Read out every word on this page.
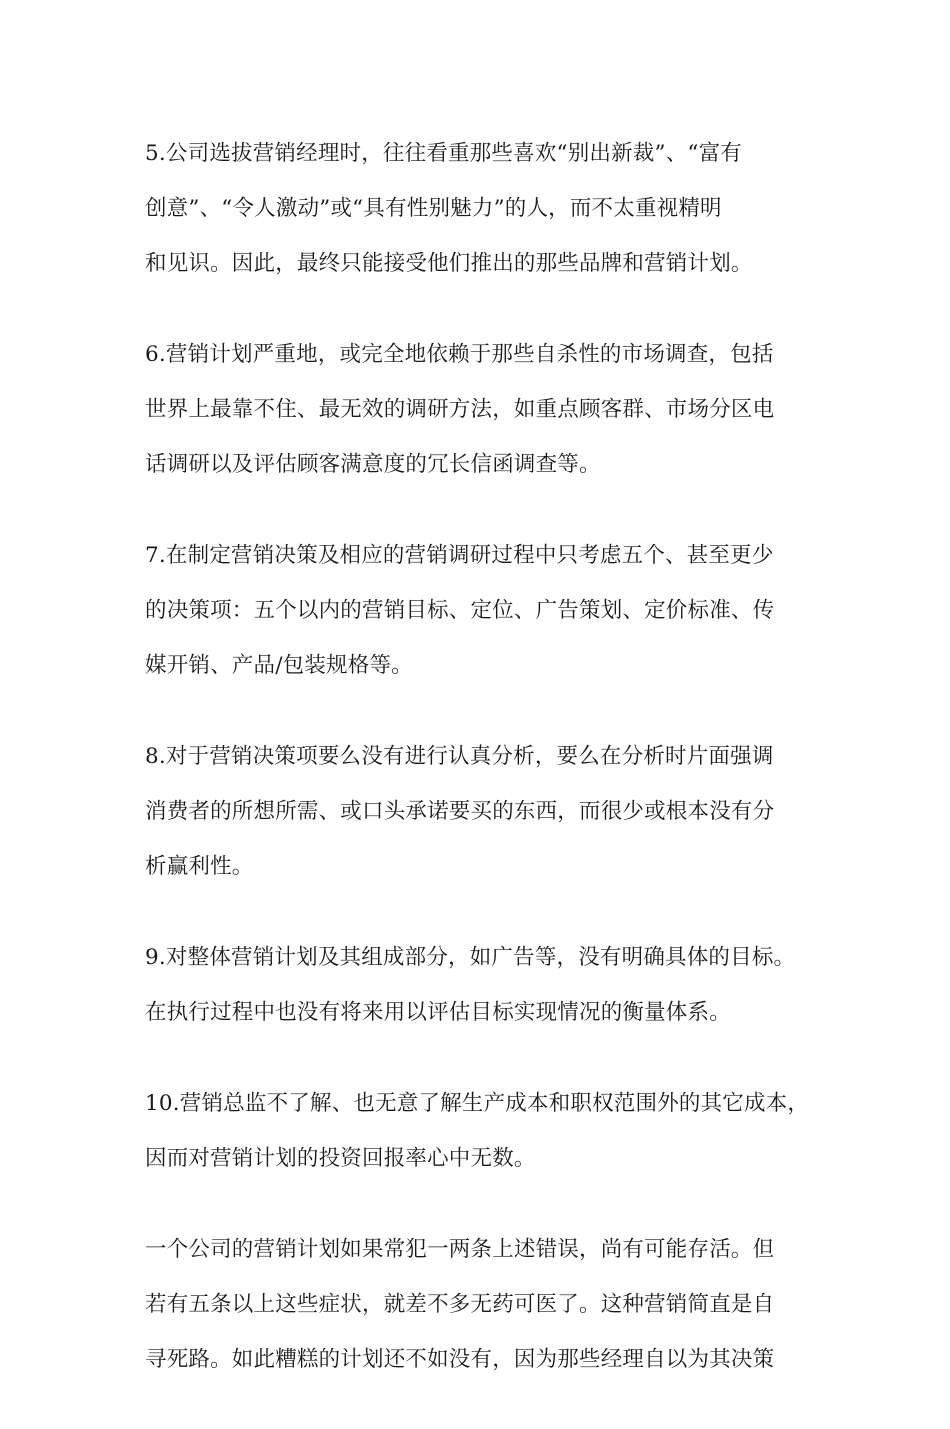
5.公司选拔营销经理时，往往看重那些喜欢“别出新裁”、“富有
创意”、“令人激动”或“具有性别魅力”的人，而不太重视精明
和见识。因此，最终只能接受他们推出的那些品牌和营销计划。
6.营销计划严重地，或完全地依赖于那些自杀性的市场调查，包括
世界上最靠不住、最无效的调研方法，如重点顾客群、市场分区电
话调研以及评估顾客满意度的冗长信函调查等。
7.在制定营销决策及相应的营销调研过程中只考虑五个、甚至更少
的决策项：五个以内的营销目标、定位、广告策划、定价标准、传
媒开销、产品/包装规格等。
8.对于营销决策项要么没有进行认真分析，要么在分析时片面强调
消费者的所想所需、或口头承诺要买的东西，而很少或根本没有分
析赢利性。
9.对整体营销计划及其组成部分，如广告等，没有明确具体的目标。
在执行过程中也没有将来用以评估目标实现情况的衡量体系。
10.营销总监不了解、也无意了解生产成本和职权范围外的其它成本，
因而对营销计划的投资回报率心中无数。
一个公司的营销计划如果常犯一两条上述错误，尚有可能存活。但
若有五条以上这些症状，就差不多无药可医了。这种营销简直是自
寻死路。如此糟糕的计划还不如没有，因为那些经理自以为其决策
